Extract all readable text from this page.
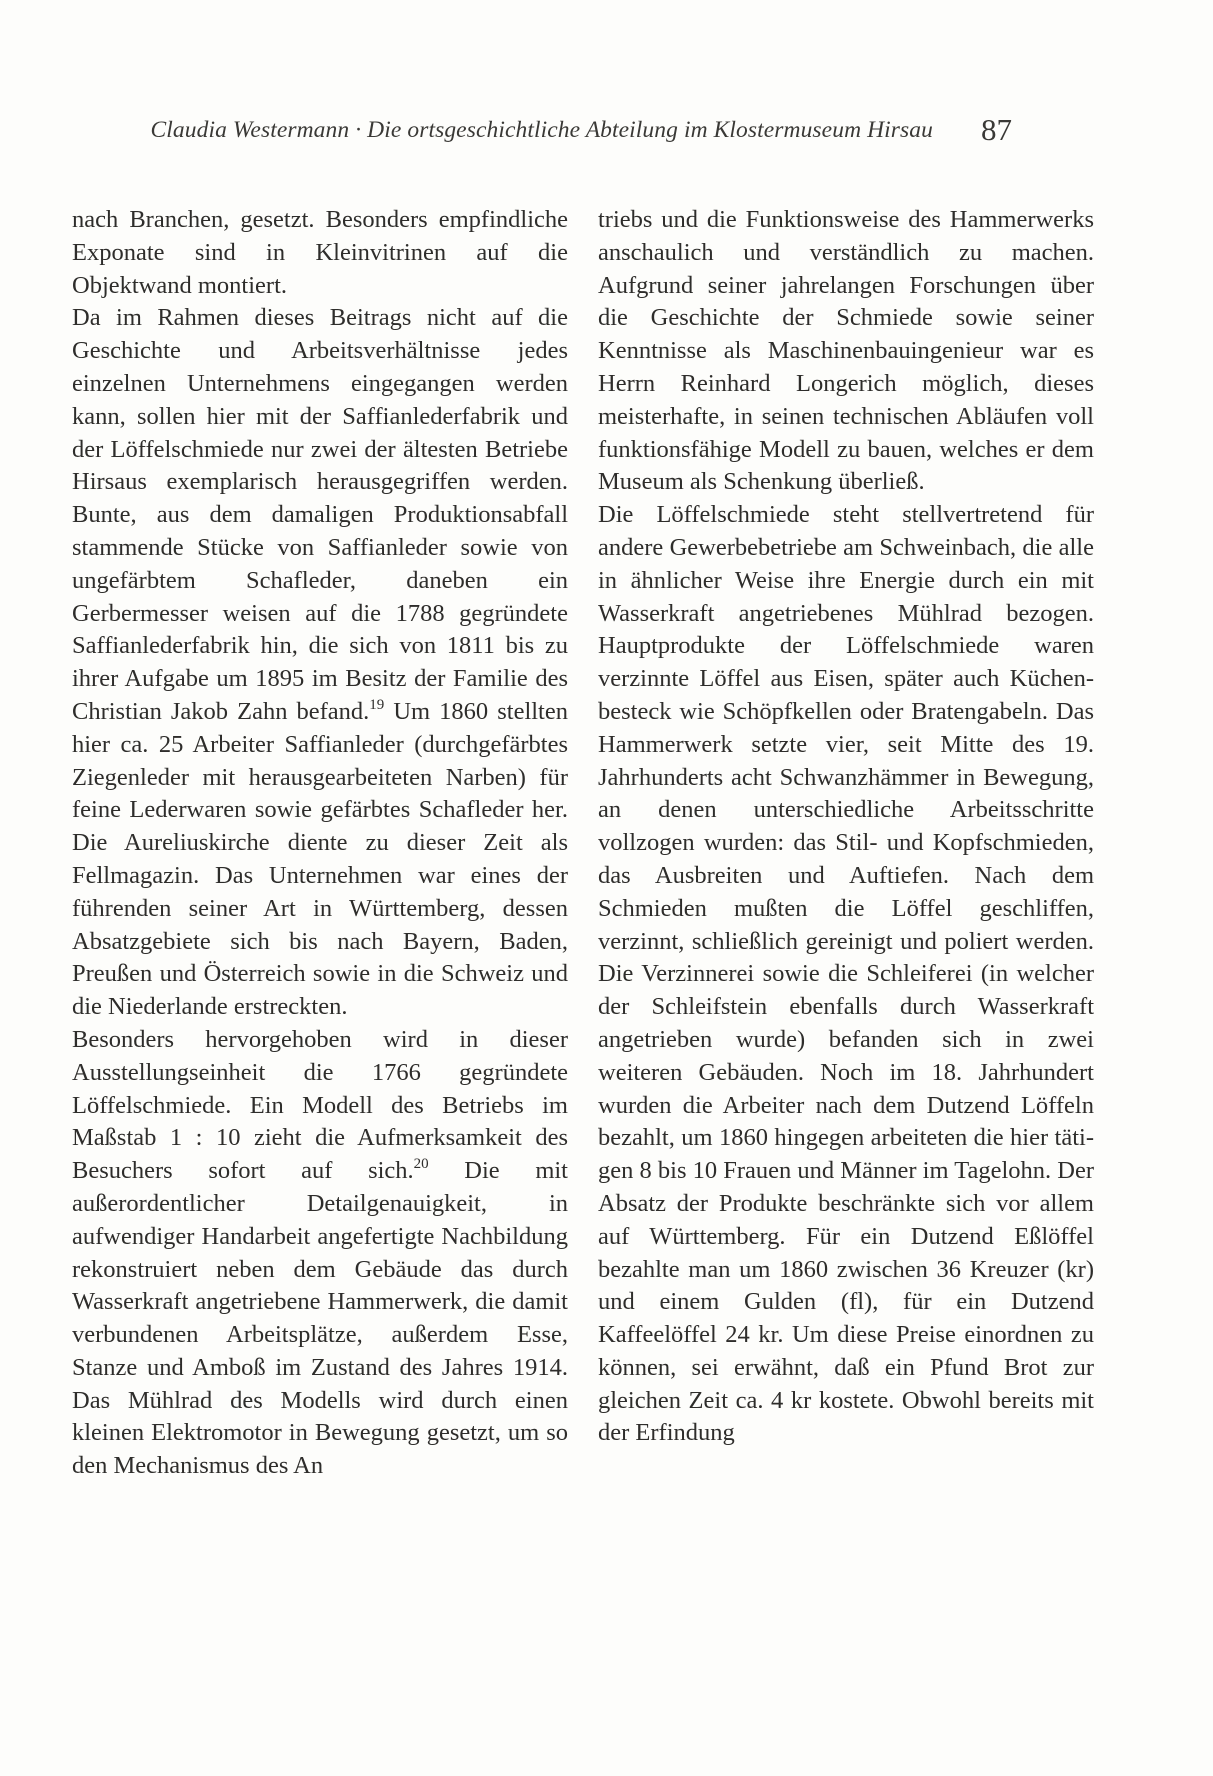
Claudia Westermann · Die ortsgeschichtliche Abteilung im Klostermuseum Hirsau 87

nach Branchen, gesetzt. Besonders empfindliche Exponate sind in Kleinvitrinen auf die Objektwand montiert.

Da im Rahmen dieses Beitrags nicht auf die Geschichte und Arbeitsverhältnisse jedes einzelnen Unternehmens eingegangen werden kann, sollen hier mit der Saffianlederfabrik und der Löffelschmiede nur zwei der ältesten Betriebe Hirsaus exemplarisch herausgegriffen werden. Bunte, aus dem damaligen Produktionsabfall stammende Stücke von Saffianleder sowie von ungefärbtem Schafleder, daneben ein Gerbermesser weisen auf die 1788 gegründete Saffianlederfabrik hin, die sich von 1811 bis zu ihrer Aufgabe um 1895 im Besitz der Familie des Christian Jakob Zahn befand.$^{19}$ Um 1860 stellten hier ca. 25 Arbeiter Saffianleder (durchgefärbtes Ziegenleder mit herausgearbeiteten Narben) für feine Lederwaren sowie gefärbtes Schafleder her. Die Aureliuskirche diente zu dieser Zeit als Fellmagazin. Das Unternehmen war eines der führenden seiner Art in Württemberg, dessen Absatzgebiete sich bis nach Bayern, Baden, Preußen und Österreich sowie in die Schweiz und die Niederlande erstreckten.

Besonders hervorgehoben wird in dieser Ausstellungseinheit die 1766 gegründete Löffelschmiede. Ein Modell des Betriebs im Maßstab 1 : 10 zieht die Aufmerksamkeit des Besuchers sofort auf sich.$^{20}$ Die mit außerordentlicher Detailgenauigkeit, in aufwendiger Handarbeit angefertigte Nachbildung rekonstruiert neben dem Gebäude das durch Wasserkraft angetriebene Hammerwerk, die damit verbundenen Arbeitsplätze, außerdem Esse, Stanze und Amboß im Zustand des Jahres 1914. Das Mühlrad des Modells wird durch einen kleinen Elektromotor in Bewegung gesetzt, um so den Mechanismus des An

triebs und die Funktionsweise des Hammerwerks anschaulich und verständlich zu machen. Aufgrund seiner jahrelangen Forschungen über die Geschichte der Schmiede sowie seiner Kenntnisse als Maschinenbauingenieur war es Herrn Reinhard Longerich möglich, dieses meisterhafte, in seinen technischen Abläufen voll funktionsfähige Modell zu bauen, welches er dem Museum als Schenkung überließ.

Die Löffelschmiede steht stellvertretend für andere Gewerbebetriebe am Schweinbach, die alle in ähnlicher Weise ihre Energie durch ein mit Wasserkraft angetriebenes Mühlrad bezogen. Hauptprodukte der Löffelschmiede waren verzinnte Löffel aus Eisen, später auch Küchenbesteck wie Schöpfkellen oder Bratengabeln. Das Hammerwerk setzte vier, seit Mitte des 19. Jahrhunderts acht Schwanzhämmer in Bewegung, an denen unterschiedliche Arbeitsschritte vollzogen wurden: das Stil- und Kopfschmieden, das Ausbreiten und Auftiefen. Nach dem Schmieden mußten die Löffel geschliffen, verzinnt, schließlich gereinigt und poliert werden. Die Verzinnerei sowie die Schleiferei (in welcher der Schleifstein ebenfalls durch Wasserkraft angetrieben wurde) befanden sich in zwei weiteren Gebäuden. Noch im 18. Jahrhundert wurden die Arbeiter nach dem Dutzend Löffeln bezahlt, um 1860 hingegen arbeiteten die hier tätigen 8 bis 10 Frauen und Männer im Tagelohn. Der Absatz der Produkte beschränkte sich vor allem auf Württemberg. Für ein Dutzend Eßlöffel bezahlte man um 1860 zwischen 36 Kreuzer (kr) und einem Gulden (fl), für ein Dutzend Kaffeelöffel 24 kr. Um diese Preise einordnen zu können, sei erwähnt, daß ein Pfund Brot zur gleichen Zeit ca. 4 kr kostete. Obwohl bereits mit der Erfindung
